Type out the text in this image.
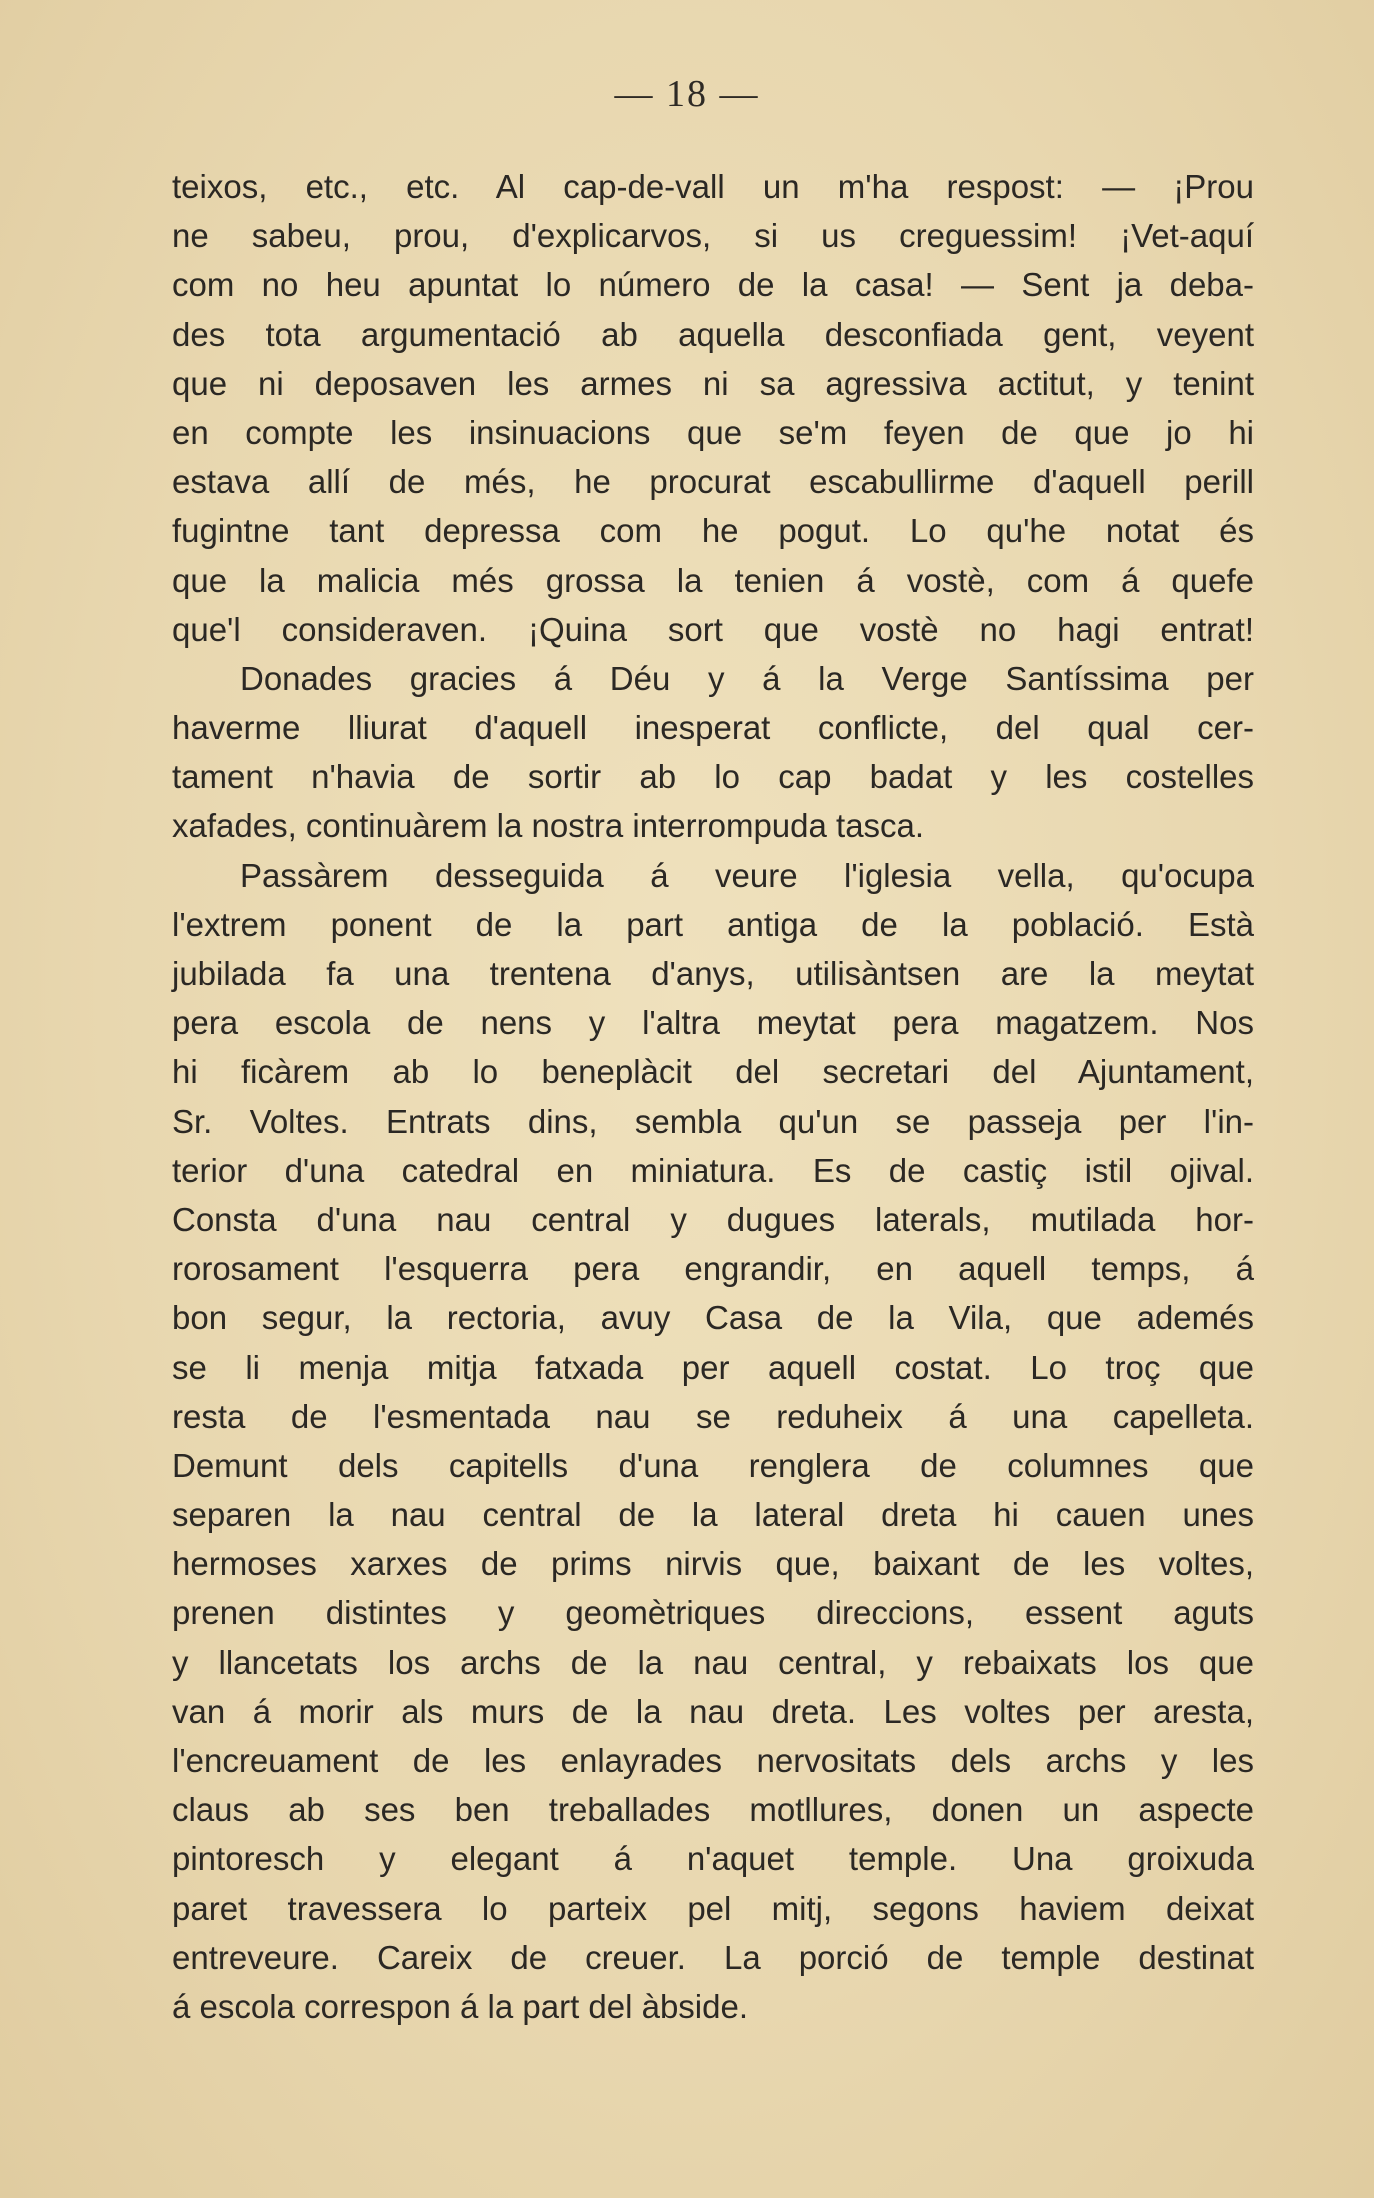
— 18 —
teixos, etc., etc. Al cap-de-vall un m'ha respost: — ¡Prou
ne sabeu, prou, d'explicarvos, si us creguessim! ¡Vet-aquí
com no heu apuntat lo número de la casa! — Sent ja deba-
des tota argumentació ab aquella desconfiada gent, veyent
que ni deposaven les armes ni sa agressiva actitut, y tenint
en compte les insinuacions que se'm feyen de que jo hi
estava allí de més, he procurat escabullirme d'aquell perill
fugintne tant depressa com he pogut. Lo qu'he notat és
que la malicia més grossa la tenien á vostè, com á quefe
que'l consideraven. ¡Quina sort que vostè no hagi entrat!
Donades gracies á Déu y á la Verge Santíssima per
haverme lliurat d'aquell inesperat conflicte, del qual cer-
tament n'havia de sortir ab lo cap badat y les costelles
xafades, continuàrem la nostra interrompuda tasca.
Passàrem desseguida á veure l'iglesia vella, qu'ocupa
l'extrem ponent de la part antiga de la població. Està
jubilada fa una trentena d'anys, utilisàntsen are la meytat
pera escola de nens y l'altra meytat pera magatzem. Nos
hi ficàrem ab lo beneplàcit del secretari del Ajuntament,
Sr. Voltes. Entrats dins, sembla qu'un se passeja per l'in-
terior d'una catedral en miniatura. Es de castiç istil ojival.
Consta d'una nau central y dugues laterals, mutilada hor-
rorosament l'esquerra pera engrandir, en aquell temps, á
bon segur, la rectoria, avuy Casa de la Vila, que ademés
se li menja mitja fatxada per aquell costat. Lo troç que
resta de l'esmentada nau se reduheix á una capelleta.
Demunt dels capitells d'una renglera de columnes que
separen la nau central de la lateral dreta hi cauen unes
hermoses xarxes de prims nirvis que, baixant de les voltes,
prenen distintes y geomètriques direccions, essent aguts
y llancetats los archs de la nau central, y rebaixats los que
van á morir als murs de la nau dreta. Les voltes per aresta,
l'encreuament de les enlayrades nervositats dels archs y les
claus ab ses ben treballades motllures, donen un aspecte
pintoresch y elegant á n'aquet temple. Una groixuda
paret travessera lo parteix pel mitj, segons haviem deixat
entreveure. Careix de creuer. La porció de temple destinat
á escola correspon á la part del àbside.
